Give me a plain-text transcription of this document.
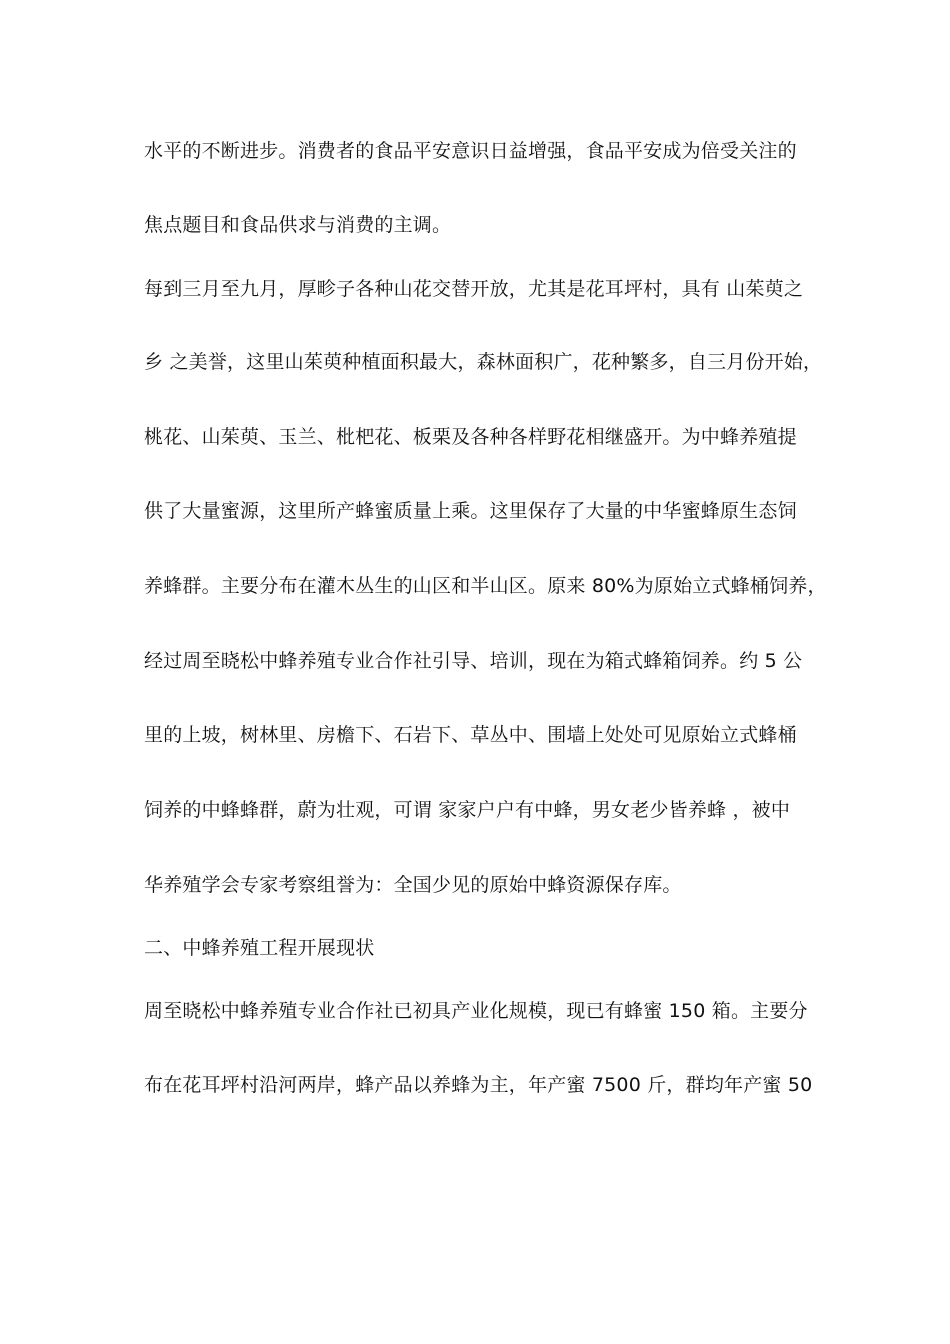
水平的不断进步。消费者的食品平安意识日益增强，食品平安成为倍受关注的
焦点题目和食品供求与消费的主调。
每到三月至九月，厚畛子各种山花交替开放，尤其是花耳坪村，具有 山茱萸之
乡 之美誉，这里山茱萸种植面积最大，森林面积广，花种繁多，自三月份开始，
桃花、山茱萸、玉兰、枇杷花、板栗及各种各样野花相继盛开。为中蜂养殖提
供了大量蜜源，这里所产蜂蜜质量上乘。这里保存了大量的中华蜜蜂原生态饲
养蜂群。主要分布在灌木丛生的山区和半山区。原来 80%为原始立式蜂桶饲养，
经过周至晓松中蜂养殖专业合作社引导、培训，现在为箱式蜂箱饲养。约 5 公
里的上坡，树林里、房檐下、石岩下、草丛中、围墙上处处可见原始立式蜂桶
饲养的中蜂蜂群，蔚为壮观，可谓 家家户户有中蜂，男女老少皆养蜂 ，被中
华养殖学会专家考察组誉为：全国少见的原始中蜂资源保存库。
二、中蜂养殖工程开展现状
周至晓松中蜂养殖专业合作社已初具产业化规模，现已有蜂蜜 150 箱。主要分
布在花耳坪村沿河两岸，蜂产品以养蜂为主，年产蜜 7500 斤，群均年产蜜 50
